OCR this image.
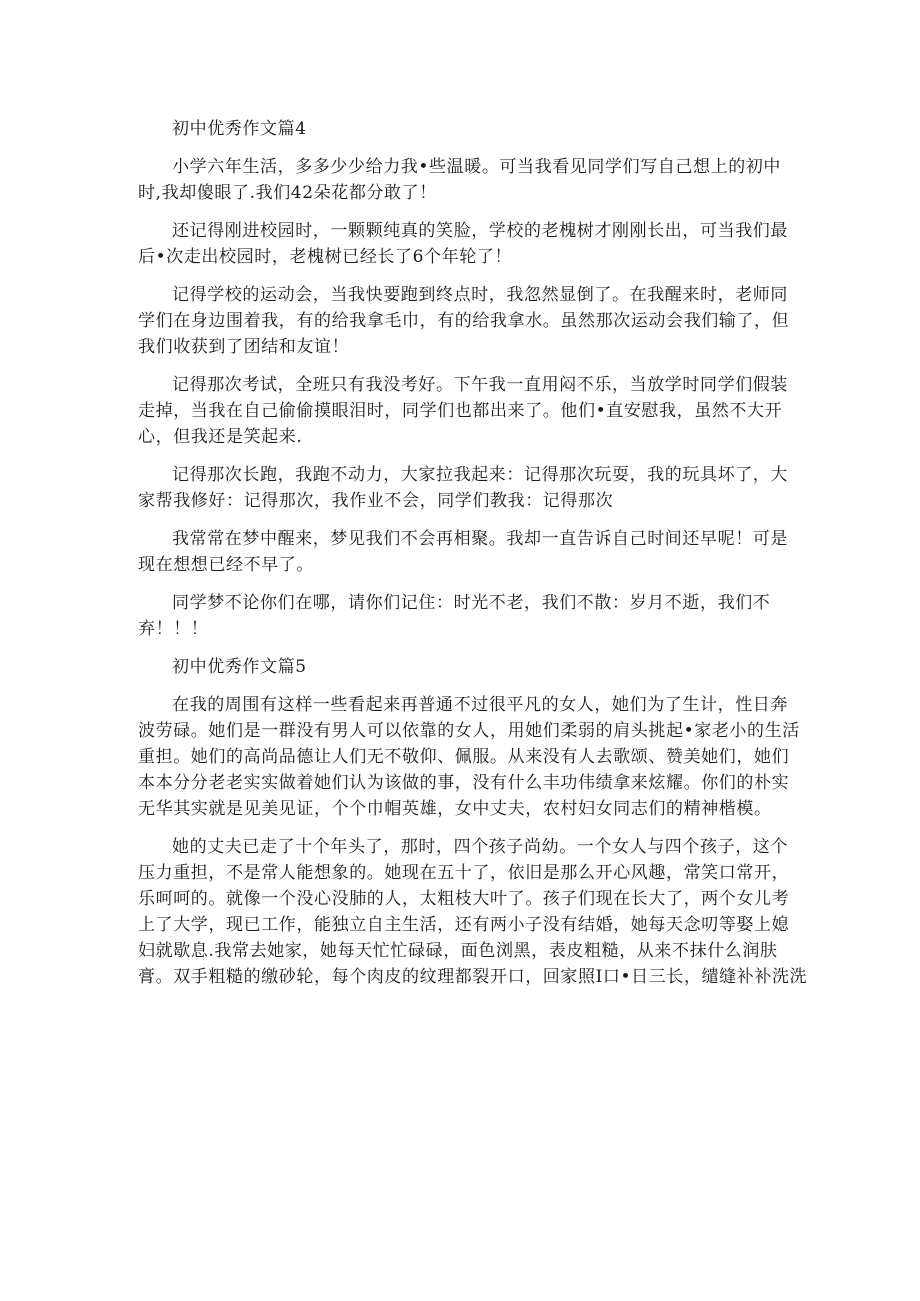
初中优秀作文篇4
小学六年生活，多多少少给力我•些温暖。可当我看见同学们写自己想上的初中
时,我却傻眼了.我们42朵花都分敢了！
还记得刚进校园时，一颗颗纯真的笑脸，学校的老槐树才刚刚长出，可当我们最
后•次走出校园时，老槐树已经长了6个年轮了！
记得学校的运动会，当我快要跑到终点时，我忽然显倒了。在我醒来时，老师同
学们在身边围着我，有的给我拿毛巾，有的给我拿水。虽然那次运动会我们输了，但
我们收获到了团结和友谊！
记得那次考试，全班只有我没考好。下午我一直用闷不乐，当放学时同学们假装
走掉，当我在自己偷偷摸眼泪时，同学们也都出来了。他们•直安慰我，虽然不大开
心，但我还是笑起来.
记得那次长跑，我跑不动力，大家拉我起来：记得那次玩耍，我的玩具坏了，大
家帮我修好：记得那次，我作业不会，同学们教我：记得那次
我常常在梦中醒来，梦见我们不会再相聚。我却一直告诉自己时间还早呢！可是
现在想想已经不早了。
同学梦不论你们在哪，请你们记住：时光不老，我们不散：岁月不逝，我们不
弃！！！
初中优秀作文篇5
在我的周围有这样一些看起来再普通不过很平凡的女人，她们为了生计，性日奔
波劳碌。她们是一群没有男人可以依靠的女人，用她们柔弱的肩头挑起•家老小的生活
重担。她们的高尚品德让人们无不敬仰、佩服。从来没有人去歌颂、赞美她们，她们
本本分分老老实实做着她们认为该做的事，没有什么丰功伟绩拿来炫耀。你们的朴实
无华其实就是见美见证，个个巾帽英雄，女中丈夫，农村妇女同志们的精神楷模。
她的丈夫已走了十个年头了，那时，四个孩子尚幼。一个女人与四个孩子，这个
压力重担，不是常人能想象的。她现在五十了，依旧是那么开心风趣，常笑口常开，
乐呵呵的。就像一个没心没肺的人，太粗枝大叶了。孩子们现在长大了，两个女儿考
上了大学，现已工作，能独立自主生活，还有两小子没有结婚，她每天念叨等娶上媳
妇就歇息.我常去她家，她每天忙忙碌碌，面色浏黑，表皮粗糙，从来不抹什么润肤
膏。双手粗糙的缴砂轮，每个肉皮的纹理都裂开口，回家照I口•日三长，缱缝补补洗洗
